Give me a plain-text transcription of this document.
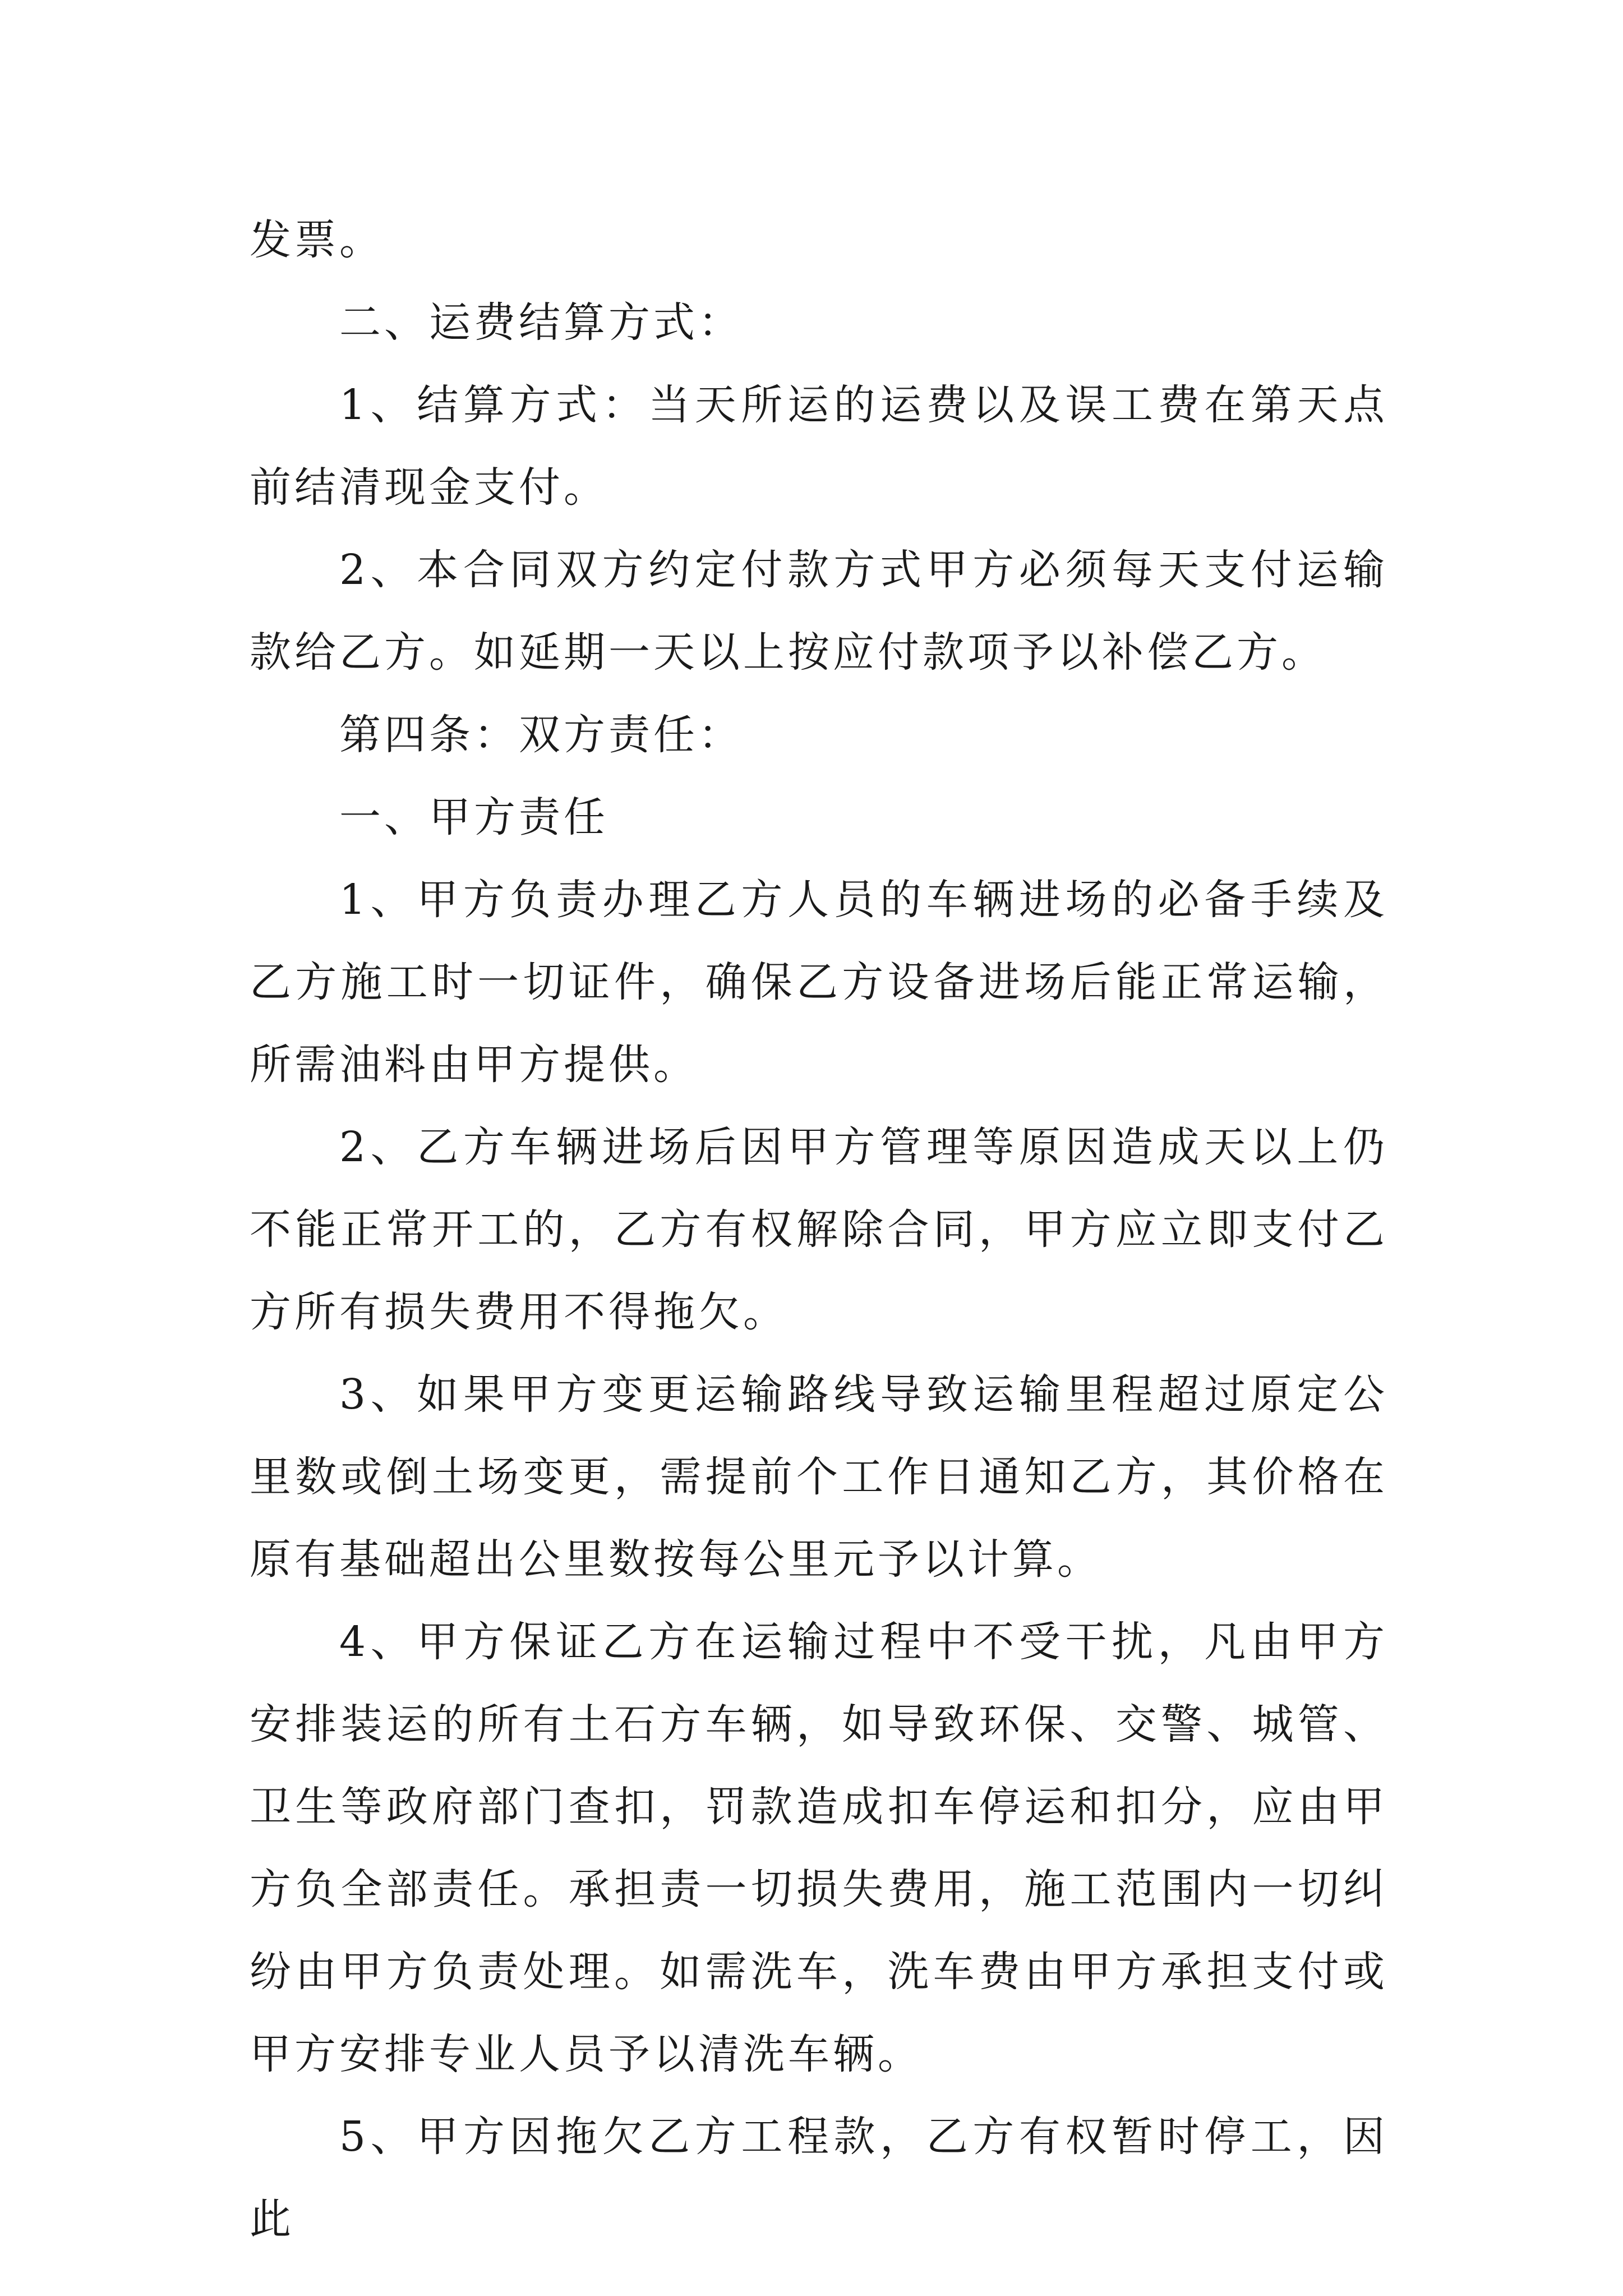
发票。

二、运费结算方式：

1、结算方式：当天所运的运费以及误工费在第天点前结清现金支付。

2、本合同双方约定付款方式甲方必须每天支付运输款给乙方。如延期一天以上按应付款项予以补偿乙方。

第四条：双方责任：

一、甲方责任

1、甲方负责办理乙方人员的车辆进场的必备手续及乙方施工时一切证件，确保乙方设备进场后能正常运输，所需油料由甲方提供。

2、乙方车辆进场后因甲方管理等原因造成天以上仍不能正常开工的，乙方有权解除合同，甲方应立即支付乙方所有损失费用不得拖欠。

3、如果甲方变更运输路线导致运输里程超过原定公里数或倒土场变更，需提前个工作日通知乙方，其价格在原有基础超出公里数按每公里元予以计算。

4、甲方保证乙方在运输过程中不受干扰，凡由甲方安排装运的所有土石方车辆，如导致环保、交警、城管、卫生等政府部门查扣，罚款造成扣车停运和扣分，应由甲方负全部责任。承担责一切损失费用，施工范围内一切纠纷由甲方负责处理。如需洗车，洗车费由甲方承担支付或甲方安排专业人员予以清洗车辆。

5、甲方因拖欠乙方工程款，乙方有权暂时停工，因此
